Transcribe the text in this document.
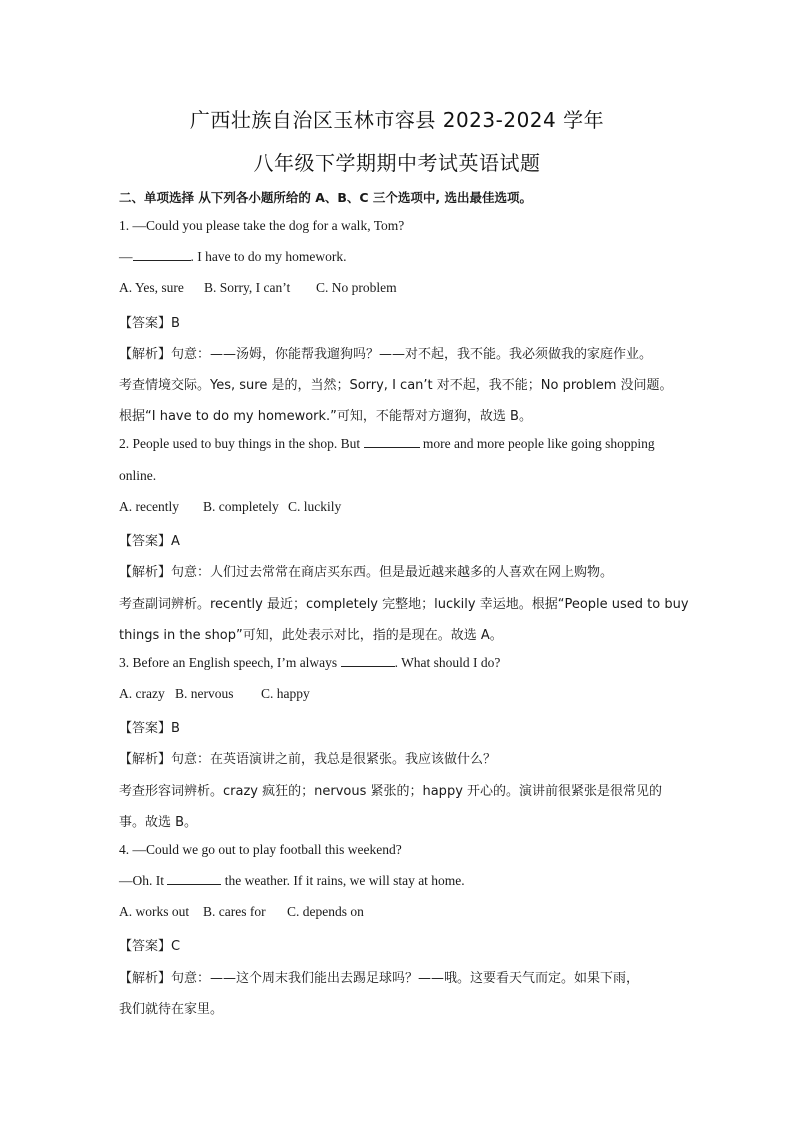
广西壮族自治区玉林市容县 2023-2024 学年
八年级下学期期中考试英语试题
二、单项选择 从下列各小题所给的 A、B、C 三个选项中, 选出最佳选项。
1. —Could you please take the dog for a walk, Tom?
—	. I have to do my homework.
A. Yes, sure B. Sorry, I can’t C. No problem
【答案】B
【解析】句意：——汤姆，你能帮我遛狗吗？——对不起，我不能。我必须做我的家庭作业。
考查情境交际。Yes, sure 是的，当然；Sorry, I can’t 对不起，我不能；No problem 没问题。
根据“I have to do my homework.”可知，不能帮对方遛狗，故选 B。
2. People used to buy things in the shop. But	more and more people like going shopping
online.
A. recently B. completely C. luckily
【答案】A
【解析】句意：人们过去常常在商店买东西。但是最近越来越多的人喜欢在网上购物。
考查副词辨析。recently 最近；completely 完整地；luckily 幸运地。根据“People used to buy
things in the shop”可知，此处表示对比，指的是现在。故选 A。
3. Before an English speech, I’m always	. What should I do?
A. crazy B. nervous C. happy
【答案】B
【解析】句意：在英语演讲之前，我总是很紧张。我应该做什么？
考查形容词辨析。crazy 疯狂的；nervous 紧张的；happy 开心的。演讲前很紧张是很常见的
事。故选 B。
4. —Could we go out to play football this weekend?
—Oh. It	the weather. If it rains, we will stay at home.
A. works out B. cares for C. depends on
【答案】C
【解析】句意：——这个周末我们能出去踢足球吗？——哦。这要看天气而定。如果下雨，
我们就待在家里。
